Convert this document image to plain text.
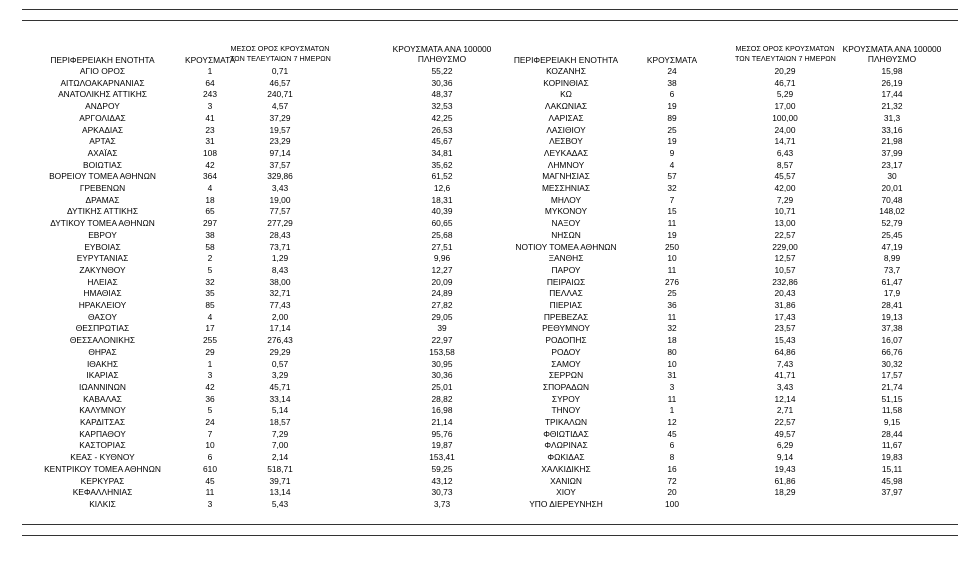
ΠΕΡΙΦΕΡΕΙΑΚΗ ΕΝΟΤΗΤΑ	ΚΡΟΥΣΜΑΤΑ
ΜΕΣΟΣ ΟΡΟΣ ΚΡΟΥΣΜΑΤΩΝ
ΤΩΝ ΤΕΛΕΥΤΑΙΩΝ 7 ΗΜΕΡΩΝ
ΚΡΟΥΣΜΑΤΑ ΑΝΑ 100000
ΠΛΗΘΥΣΜΟ	ΠΕΡΙΦΕΡΕΙΑΚΗ ΕΝΟΤΗΤΑ	ΚΡΟΥΣΜΑΤΑ
ΜΕΣΟΣ ΟΡΟΣ ΚΡΟΥΣΜΑΤΩΝ
ΤΩΝ ΤΕΛΕΥΤΑΙΩΝ 7 ΗΜΕΡΩΝ
ΚΡΟΥΣΜΑΤΑ ΑΝΑ 100000
ΠΛΗΘΥΣΜΟ
ΑΓΙΟ ΟΡΟΣ	1	0,71	55,22	ΚΟΖΑΝΗΣ	24	20,29	15,98
ΑΙΤΩΛΟΑΚΑΡΝΑΝΙΑΣ	64	46,57	30,36	ΚΟΡΙΝΘΙΑΣ	38	46,71	26,19
ΑΝΑΤΟΛΙΚΗΣ ΑΤΤΙΚΗΣ	243	240,71	48,37	ΚΩ	6	5,29	17,44
ΑΝΔΡΟΥ	3	4,57	32,53	ΛΑΚΩΝΙΑΣ	19	17,00	21,32
ΑΡΓΟΛΙΔΑΣ	41	37,29	42,25	ΛΑΡΙΣΑΣ	89	100,00	31,3
ΑΡΚΑΔΙΑΣ	23	19,57	26,53	ΛΑΣΙΘΙΟΥ	25	24,00	33,16
ΑΡΤΑΣ	31	23,29	45,67	ΛΕΣΒΟΥ	19	14,71	21,98
ΑΧΑΪΑΣ	108	97,14	34,81	ΛΕΥΚΑΔΑΣ	9	6,43	37,99
ΒΟΙΩΤΙΑΣ	42	37,57	35,62	ΛΗΜΝΟΥ	4	8,57	23,17
ΒΟΡΕΙΟΥ ΤΟΜΕΑ ΑΘΗΝΩΝ	364	329,86	61,52	ΜΑΓΝΗΣΙΑΣ	57	45,57	30
ΓΡΕΒΕΝΩΝ	4	3,43	12,6	ΜΕΣΣΗΝΙΑΣ	32	42,00	20,01
ΔΡΑΜΑΣ	18	19,00	18,31	ΜΗΛΟΥ	7	7,29	70,48
ΔΥΤΙΚΗΣ ΑΤΤΙΚΗΣ	65	77,57	40,39	ΜΥΚΟΝΟΥ	15	10,71	148,02
ΔΥΤΙΚΟΥ ΤΟΜΕΑ ΑΘΗΝΩΝ	297	277,29	60,65	ΝΑΞΟΥ	11	13,00	52,79
ΕΒΡΟΥ	38	28,43	25,68	ΝΗΣΩΝ	19	22,57	25,45
ΕΥΒΟΙΑΣ	58	73,71	27,51	ΝΟΤΙΟΥ ΤΟΜΕΑ ΑΘΗΝΩΝ	250	229,00	47,19
ΕΥΡΥΤΑΝΙΑΣ	2	1,29	9,96	ΞΑΝΘΗΣ	10	12,57	8,99
ΖΑΚΥΝΘΟΥ	5	8,43	12,27	ΠΑΡΟΥ	11	10,57	73,7
ΗΛΕΙΑΣ	32	38,00	20,09	ΠΕΙΡΑΙΩΣ	276	232,86	61,47
ΗΜΑΘΙΑΣ	35	32,71	24,89	ΠΕΛΛΑΣ	25	20,43	17,9
ΗΡΑΚΛΕΙΟΥ	85	77,43	27,82	ΠΙΕΡΙΑΣ	36	31,86	28,41
ΘΑΣΟΥ	4	2,00	29,05	ΠΡΕΒΕΖΑΣ	11	17,43	19,13
ΘΕΣΠΡΩΤΙΑΣ	17	17,14	39	ΡΕΘΥΜΝΟΥ	32	23,57	37,38
ΘΕΣΣΑΛΟΝΙΚΗΣ	255	276,43	22,97	ΡΟΔΟΠΗΣ	18	15,43	16,07
ΘΗΡΑΣ	29	29,29	153,58	ΡΟΔΟΥ	80	64,86	66,76
ΙΘΑΚΗΣ	1	0,57	30,95	ΣΑΜΟΥ	10	7,43	30,32
ΙΚΑΡΙΑΣ	3	3,29	30,36	ΣΕΡΡΩΝ	31	41,71	17,57
ΙΩΑΝΝΙΝΩΝ	42	45,71	25,01	ΣΠΟΡΑΔΩΝ	3	3,43	21,74
ΚΑΒΑΛΑΣ	36	33,14	28,82	ΣΥΡΟΥ	11	12,14	51,15
ΚΑΛΥΜΝΟΥ	5	5,14	16,98	ΤΗΝΟΥ	1	2,71	11,58
ΚΑΡΔΙΤΣΑΣ	24	18,57	21,14	ΤΡΙΚΑΛΩΝ	12	22,57	9,15
ΚΑΡΠΑΘΟΥ	7	7,29	95,76	ΦΘΙΩΤΙΔΑΣ	45	49,57	28,44
ΚΑΣΤΟΡΙΑΣ	10	7,00	19,87	ΦΛΩΡΙΝΑΣ	6	6,29	11,67
ΚΕΑΣ - ΚΥΘΝΟΥ	6	2,14	153,41	ΦΩΚΙΔΑΣ	8	9,14	19,83
ΚΕΝΤΡΙΚΟΥ ΤΟΜΕΑ ΑΘΗΝΩΝ	610	518,71	59,25	ΧΑΛΚΙΔΙΚΗΣ	16	19,43	15,11
ΚΕΡΚΥΡΑΣ	45	39,71	43,12	ΧΑΝΙΩΝ	72	61,86	45,98
ΚΕΦΑΛΛΗΝΙΑΣ	11	13,14	30,73	ΧΙΟΥ	20	18,29	37,97
ΚΙΛΚΙΣ	3	5,43	3,73	ΥΠΟ ΔΙΕΡΕΥΝΗΣΗ	100
